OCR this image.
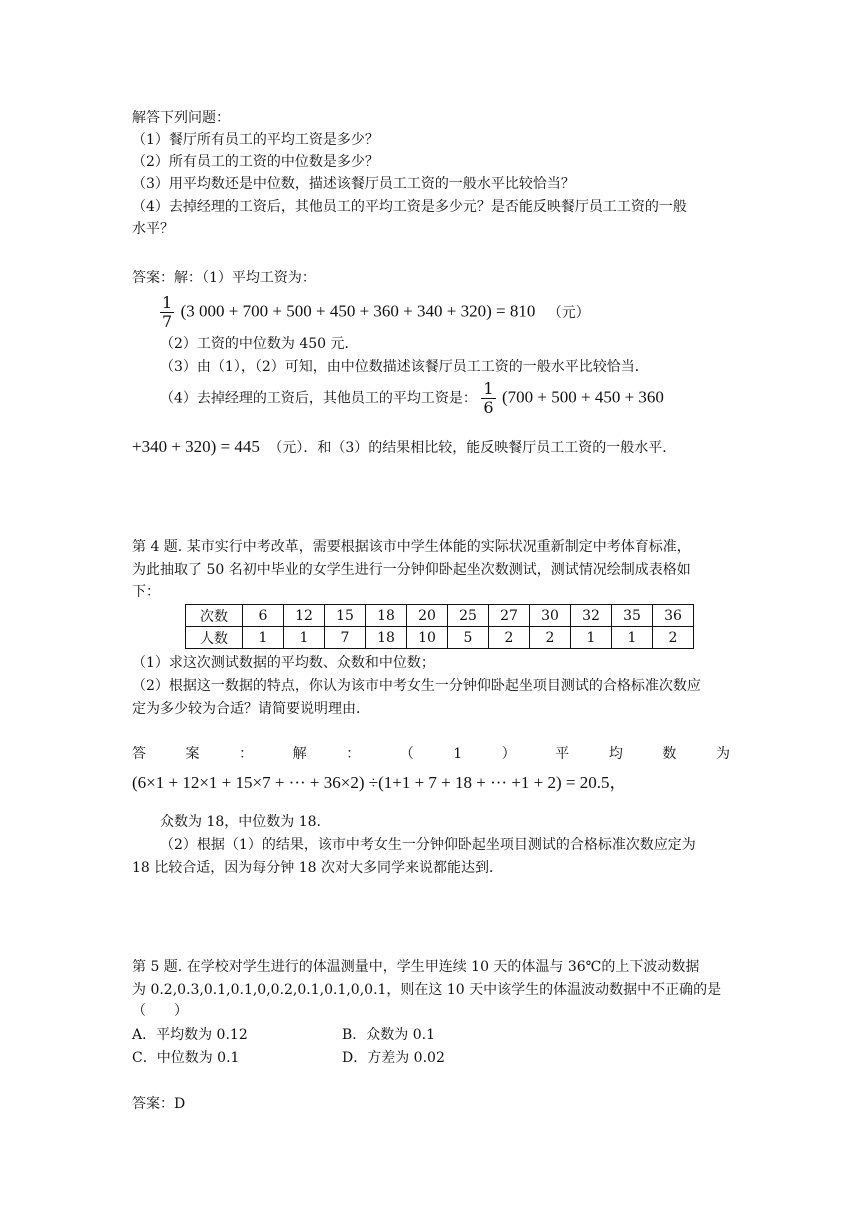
解答下列问题：
（1）餐厅所有员工的平均工资是多少？
（2）所有员工的工资的中位数是多少？
（3）用平均数还是中位数，描述该餐厅员工工资的一般水平比较恰当？
（4）去掉经理的工资后，其他员工的平均工资是多少元？是否能反映餐厅员工工资的一般
水平？
答案：解：（1）平均工资为：
$\frac{1}{7} (3$ 000 + 700 + 500 + 450 + 360 + 340 + 320) = 810 （元）
（2）工资的中位数为 450 元．
（3）由（1），（2）可知，由中位数描述该餐厅员工工资的一般水平比较恰当．
（4）去掉经理的工资后，其他员工的平均工资是： $\frac{1}{6} (700 + 500 + 450 + 360$
+340 + 320) = 445 （元）．和（3）的结果相比较，能反映餐厅员工工资的一般水平．
第 4 题. 某市实行中考改革，需要根据该市中学生体能的实际状况重新制定中考体育标准，
为此抽取了 50 名初中毕业的女学生进行一分钟仰卧起坐次数测试，测试情况绘制成表格如
下：
次数	6	12	15	18	20	25	27	30	32	35	36
人数	1	1	7	18	10	5	2	2	1	1	2
（1）求这次测试数据的平均数、众数和中位数；
（2）根据这一数据的特点，你认为该市中考女生一分钟仰卧起坐项目测试的合格标准次数应
定为多少较为合适？请简要说明理由．
答	案	：	解	：	（	1	）	平	均	数	为
(6×1 + 12×1 + 15×7 + ··· + 36×2) ÷(1+1 + 7 + 18 + ··· +1 + 2) = 20.5，
众数为 18，中位数为 18．
（2）根据（1）的结果，该市中考女生一分钟仰卧起坐项目测试的合格标准次数应定为
18 比较合适，因为每分钟 18 次对大多同学来说都能达到．
第 5 题. 在学校对学生进行的体温测量中，学生甲连续 10 天的体温与 36℃的上下波动数据
为 0.2,0.3,0.1,0.1,0,0.2,0.1,0.1,0,0.1，则在这 10 天中该学生的体温波动数据中不正确的是
（　　）
A．平均数为 0.12	B．众数为 0.1
C．中位数为 0.1	D．方差为 0.02
答案：D
